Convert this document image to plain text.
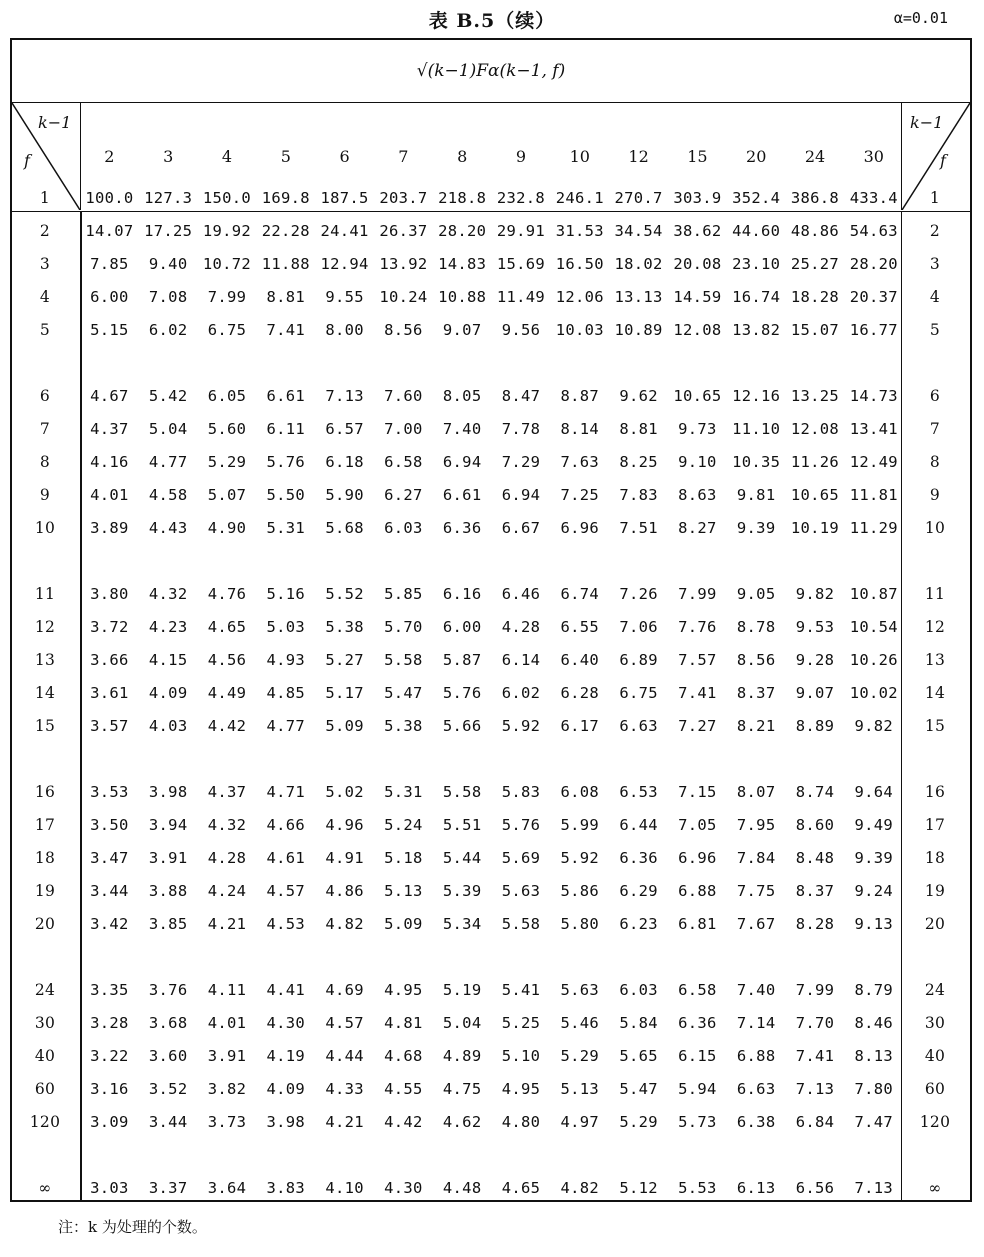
表 B.5（续）	α=0.01
√(k−1)Fα(k−1, f)
k−1
f
k−1
f
2	3	4	5	6	7	8	9	10	12	15	20	24	30
1	100.0 127.3 150.0 169.8 187.5 203.7 218.8 232.8 246.1 270.7 303.9 352.4 386.8 433.4	1
2	14.07 17.25 19.92 22.28 24.41 26.37 28.20 29.91 31.53 34.54 38.62 44.60 48.86 54.63	2
3	7.85	9.40 10.72 11.88 12.94 13.92 14.83 15.69 16.50 18.02 20.08 23.10 25.27 28.20	3
4	6.00	7.08	7.99	8.81	9.55 10.24 10.88 11.49 12.06 13.13 14.59 16.74 18.28 20.37	4
5	5.15	6.02	6.75	7.41	8.00	8.56	9.07	9.56 10.03 10.89 12.08 13.82 15.07 16.77	5
6	4.67	5.42	6.05	6.61	7.13	7.60	8.05	8.47	8.87	9.62 10.65 12.16 13.25 14.73	6
7	4.37	5.04	5.60	6.11	6.57	7.00	7.40	7.78	8.14	8.81	9.73 11.10 12.08 13.41	7
8	4.16	4.77	5.29	5.76	6.18	6.58	6.94	7.29	7.63	8.25	9.10 10.35 11.26 12.49	8
9	4.01	4.58	5.07	5.50	5.90	6.27	6.61	6.94	7.25	7.83	8.63	9.81 10.65 11.81	9
10	3.89	4.43	4.90	5.31	5.68	6.03	6.36	6.67	6.96	7.51	8.27	9.39 10.19 11.29	10
11	3.80	4.32	4.76	5.16	5.52	5.85	6.16	6.46	6.74	7.26	7.99	9.05	9.82 10.87	11
12	3.72	4.23	4.65	5.03	5.38	5.70	6.00	4.28	6.55	7.06	7.76	8.78	9.53 10.54	12
13	3.66	4.15	4.56	4.93	5.27	5.58	5.87	6.14	6.40	6.89	7.57	8.56	9.28 10.26	13
14	3.61	4.09	4.49	4.85	5.17	5.47	5.76	6.02	6.28	6.75	7.41	8.37	9.07 10.02	14
15	3.57	4.03	4.42	4.77	5.09	5.38	5.66	5.92	6.17	6.63	7.27	8.21	8.89	9.82	15
16	3.53	3.98	4.37	4.71	5.02	5.31	5.58	5.83	6.08	6.53	7.15	8.07	8.74	9.64	16
17	3.50	3.94	4.32	4.66	4.96	5.24	5.51	5.76	5.99	6.44	7.05	7.95	8.60	9.49	17
18	3.47	3.91	4.28	4.61	4.91	5.18	5.44	5.69	5.92	6.36	6.96	7.84	8.48	9.39	18
19	3.44	3.88	4.24	4.57	4.86	5.13	5.39	5.63	5.86	6.29	6.88	7.75	8.37	9.24	19
20	3.42	3.85	4.21	4.53	4.82	5.09	5.34	5.58	5.80	6.23	6.81	7.67	8.28	9.13	20
24	3.35	3.76	4.11	4.41	4.69	4.95	5.19	5.41	5.63	6.03	6.58	7.40	7.99	8.79	24
30	3.28	3.68	4.01	4.30	4.57	4.81	5.04	5.25	5.46	5.84	6.36	7.14	7.70	8.46	30
40	3.22	3.60	3.91	4.19	4.44	4.68	4.89	5.10	5.29	5.65	6.15	6.88	7.41	8.13	40
60	3.16	3.52	3.82	4.09	4.33	4.55	4.75	4.95	5.13	5.47	5.94	6.63	7.13	7.80	60
120	3.09	3.44	3.73	3.98	4.21	4.42	4.62	4.80	4.97	5.29	5.73	6.38	6.84	7.47	120
∞	3.03	3.37	3.64	3.83	4.10	4.30	4.48	4.65	4.82	5.12	5.53	6.13	6.56	7.13	∞
注：k 为处理的个数。
